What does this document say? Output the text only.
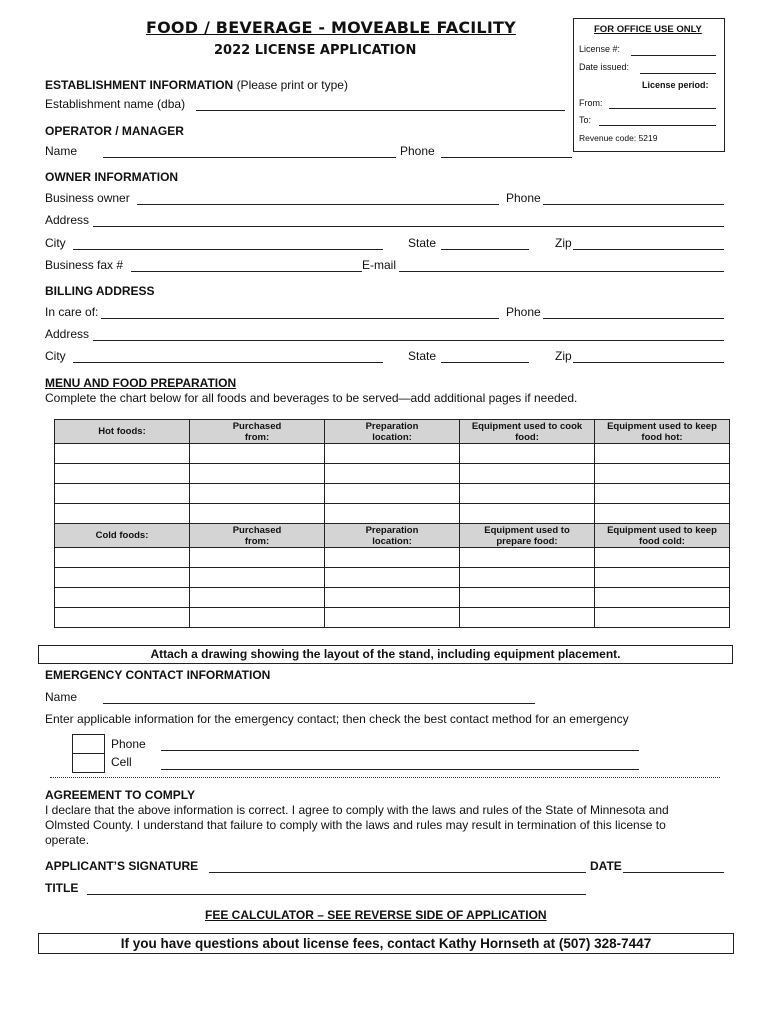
FOOD / BEVERAGE - MOVEABLE FACILITY
2022 LICENSE APPLICATION
FOR OFFICE USE ONLY
License #:
Date issued:
License period:
From:
To:
Revenue code: 5219
ESTABLISHMENT INFORMATION (Please print or type)
Establishment name (dba)
OPERATOR / MANAGER
Name	Phone
OWNER INFORMATION
Business owner	Phone
Address
City	State	Zip
Business fax #	E-mail
BILLING ADDRESS
In care of:	Phone
Address
City	State	Zip
MENU AND FOOD PREPARATION
Complete the chart below for all foods and beverages to be served—add additional pages if needed.
Hot foods:	Purchased from:	Preparation location:	Equipment used to cook food:	Equipment used to keep food hot:

Cold foods:	Purchased from:	Preparation location:	Equipment used to prepare food:	Equipment used to keep food cold:

Attach a drawing showing the layout of the stand, including equipment placement.
EMERGENCY CONTACT INFORMATION
Name
Enter applicable information for the emergency contact; then check the best contact method for an emergency
Phone
Cell
AGREEMENT TO COMPLY
I declare that the above information is correct. I agree to comply with the laws and rules of the State of Minnesota and
Olmsted County. I understand that failure to comply with the laws and rules may result in termination of this license to
operate.
APPLICANT’S SIGNATURE	DATE
TITLE
FEE CALCULATOR – SEE REVERSE SIDE OF APPLICATION
If you have questions about license fees, contact Kathy Hornseth at (507) 328-7447
